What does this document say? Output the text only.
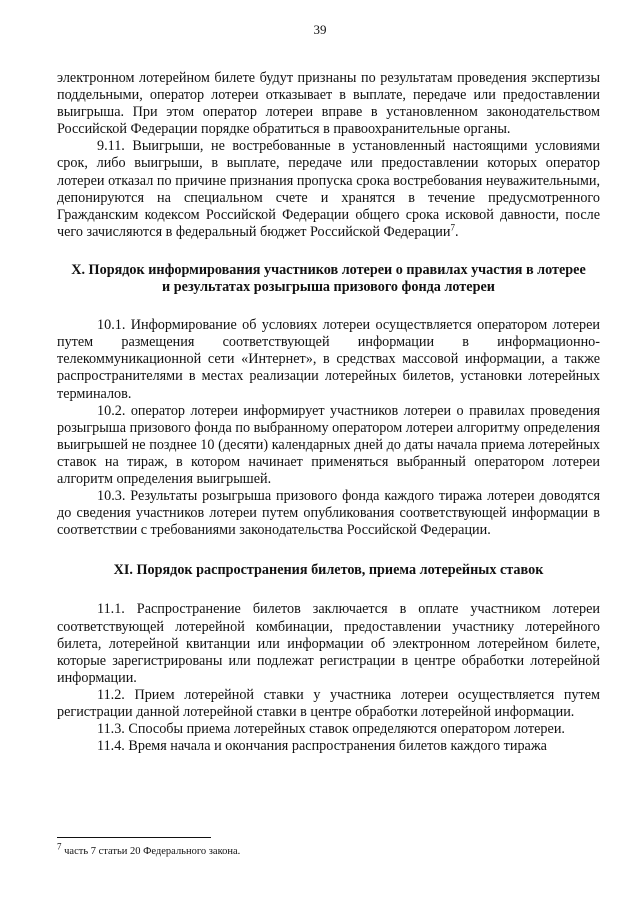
39

электронном лотерейном билете будут признаны по результатам проведения экспертизы поддельными, оператор лотереи отказывает в выплате, передаче или предоставлении выигрыша. При этом оператор лотереи вправе в установленном законодательством Российской Федерации порядке обратиться в правоохранительные органы.

9.11. Выигрыши, не востребованные в установленный настоящими условиями срок, либо выигрыши, в выплате, передаче или предоставлении которых оператор лотереи отказал по причине признания пропуска срока востребования неуважительными, депонируются на специальном счете и хранятся в течение предусмотренного Гражданским кодексом Российской Федерации общего срока исковой давности, после чего зачисляются в федеральный бюджет Российской Федерации$^7$.

X. Порядок информирования участников лотереи о правилах участия в лотерее
и результатах розыгрыша призового фонда лотереи

10.1. Информирование об условиях лотереи осуществляется оператором лотереи путем размещения соответствующей информации в информационно-телекоммуникационной сети «Интернет», в средствах массовой информации, а также распространителями в местах реализации лотерейных билетов, установки лотерейных терминалов.

10.2. оператор лотереи информирует участников лотереи о правилах проведения розыгрыша призового фонда по выбранному оператором лотереи алгоритму определения выигрышей не позднее 10 (десяти) календарных дней до даты начала приема лотерейных ставок на тираж, в котором начинает применяться выбранный оператором лотереи алгоритм определения выигрышей.

10.3. Результаты розыгрыша призового фонда каждого тиража лотереи доводятся до сведения участников лотереи путем опубликования соответствующей информации в соответствии с требованиями законодательства Российской Федерации.

XI. Порядок распространения билетов, приема лотерейных ставок

11.1. Распространение билетов заключается в оплате участником лотереи соответствующей лотерейной комбинации, предоставлении участнику лотерейного билета, лотерейной квитанции или информации об электронном лотерейном билете, которые зарегистрированы или подлежат регистрации в центре обработки лотерейной информации.

11.2. Прием лотерейной ставки у участника лотереи осуществляется путем регистрации данной лотерейной ставки в центре обработки лотерейной информации.

11.3. Способы приема лотерейных ставок определяются оператором лотереи.

11.4. Время начала и окончания распространения билетов каждого тиража

$^7$ часть 7 статьи 20 Федерального закона.
